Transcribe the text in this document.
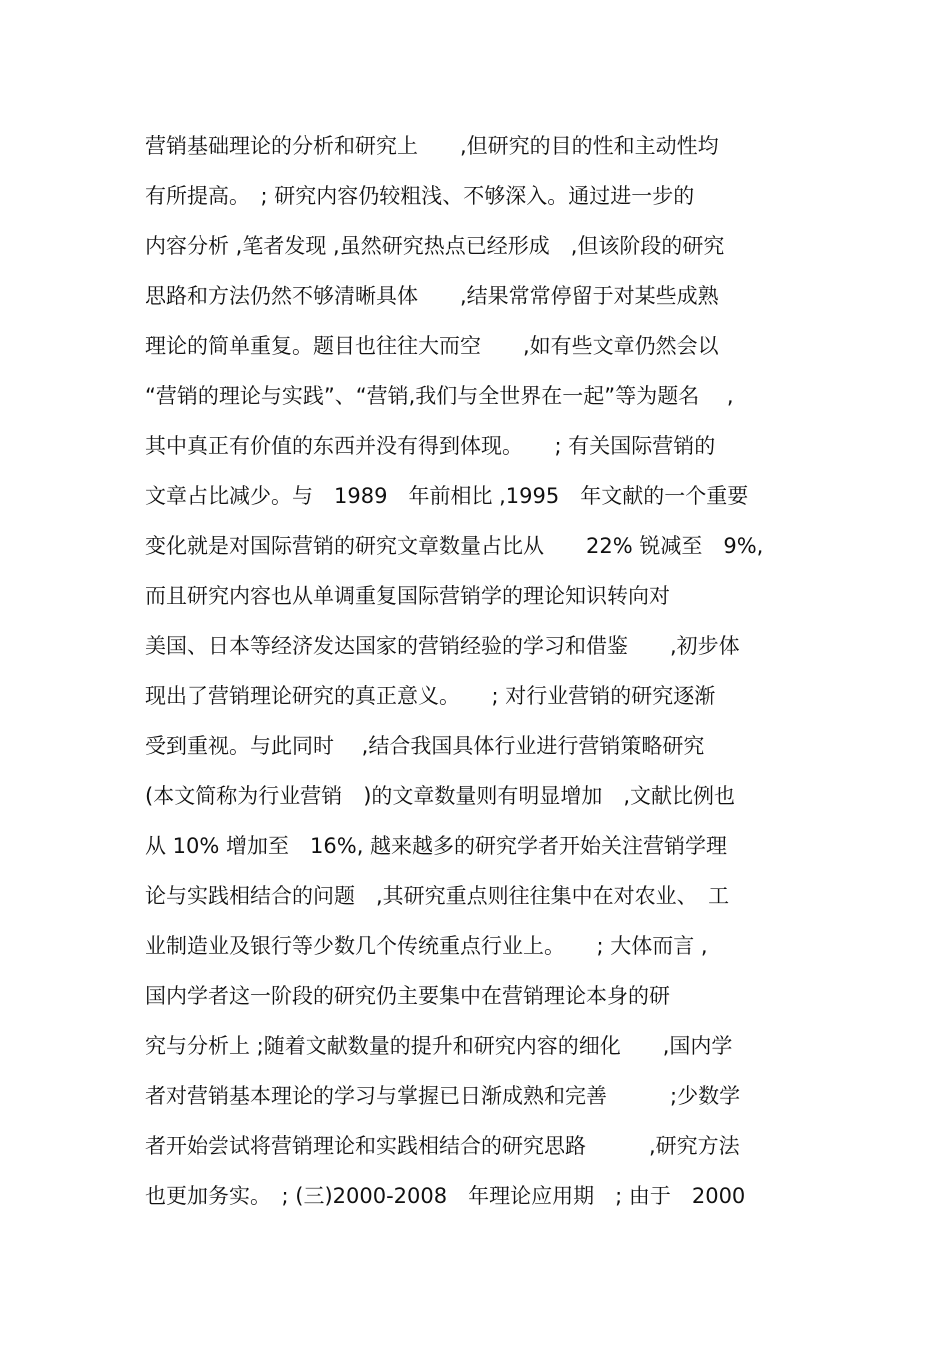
营销基础理论的分析和研究上　　,但研究的目的性和主动性均
有所提高。　; 研究内容仍较粗浅、不够深入。通过进一步的
内容分析 ,笔者发现 ,虽然研究热点已经形成　,但该阶段的研究
思路和方法仍然不够清晰具体　　,结果常常停留于对某些成熟
理论的简单重复。题目也往往大而空　　,如有些文章仍然会以
“营销的理论与实践”、“营销,我们与全世界在一起”等为题名　 ,
其中真正有价值的东西并没有得到体现。　　; 有关国际营销的
文章占比减少。与　1989　年前相比 ,1995　年文献的一个重要
变化就是对国际营销的研究文章数量占比从　　22% 锐减至　9%,
而且研究内容也从单调重复国际营销学的理论知识转向对
美国、日本等经济发达国家的营销经验的学习和借鉴　　,初步体
现出了营销理论研究的真正意义。　　; 对行业营销的研究逐渐
受到重视。与此同时　 ,结合我国具体行业进行营销策略研究
(本文简称为行业营销　)的文章数量则有明显增加　,文献比例也
从 10% 增加至　16%, 越来越多的研究学者开始关注营销学理
论与实践相结合的问题　,其研究重点则往往集中在对农业、　工
业制造业及银行等少数几个传统重点行业上。　　; 大体而言 ,
国内学者这一阶段的研究仍主要集中在营销理论本身的研
究与分析上 ;随着文献数量的提升和研究内容的细化　　,国内学
者对营销基本理论的学习与掌握已日渐成熟和完善　　　;少数学
者开始尝试将营销理论和实践相结合的研究思路　　　,研究方法
也更加务实。　; (三)2000-2008　年理论应用期　; 由于　2000
